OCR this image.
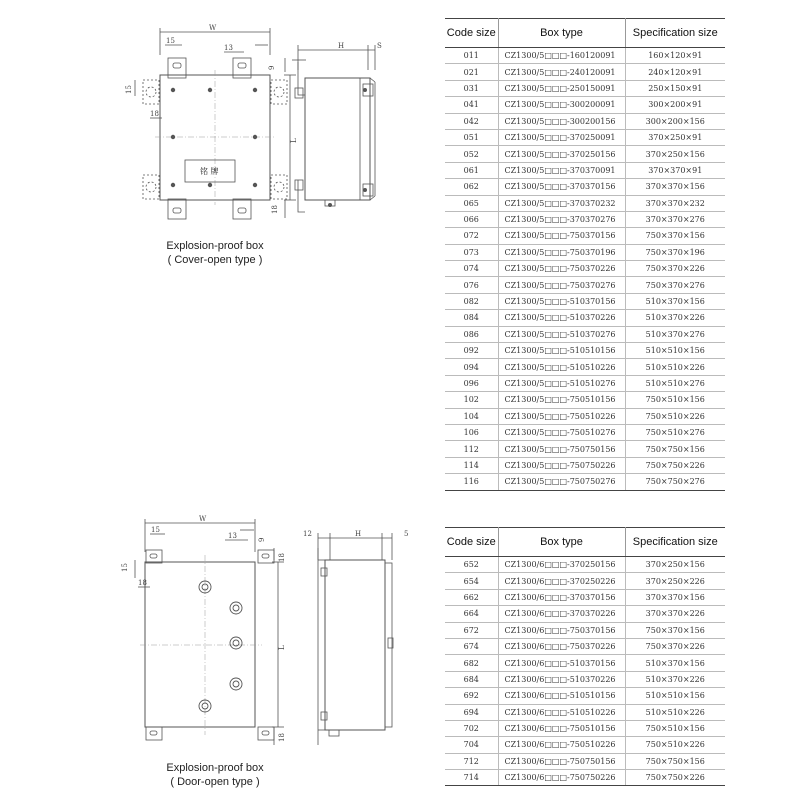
W
15
13
15
18
L
9
18
铭 牌
H	S
Explosion-proof box
( Cover-open type )
Code size	Box type	Specification size
011	CZ1300/5□□□-160120091	160×120×91
021	CZ1300/5□□□-240120091	240×120×91
031	CZ1300/5□□□-250150091	250×150×91
041	CZ1300/5□□□-300200091	300×200×91
042	CZ1300/5□□□-300200156	300×200×156
051	CZ1300/5□□□-370250091	370×250×91
052	CZ1300/5□□□-370250156	370×250×156
061	CZ1300/5□□□-370370091	370×370×91
062	CZ1300/5□□□-370370156	370×370×156
065	CZ1300/5□□□-370370232	370×370×232
066	CZ1300/5□□□-370370276	370×370×276
072	CZ1300/5□□□-750370156	750×370×156
073	CZ1300/5□□□-750370196	750×370×196
074	CZ1300/5□□□-750370226	750×370×226
076	CZ1300/5□□□-750370276	750×370×276
082	CZ1300/5□□□-510370156	510×370×156
084	CZ1300/5□□□-510370226	510×370×226
086	CZ1300/5□□□-510370276	510×370×276
092	CZ1300/5□□□-510510156	510×510×156
094	CZ1300/5□□□-510510226	510×510×226
096	CZ1300/5□□□-510510276	510×510×276
102	CZ1300/5□□□-750510156	750×510×156
104	CZ1300/5□□□-750510226	750×510×226
106	CZ1300/5□□□-750510276	750×510×276
112	CZ1300/5□□□-750750156	750×750×156
114	CZ1300/5□□□-750750226	750×750×226
116	CZ1300/5□□□-750750276	750×750×276
W
15
13
15
18
L
9
18
18
12	H	5
Explosion-proof box
( Door-open type )
Code size	Box type	Specification size
652	CZ1300/6□□□-370250156	370×250×156
654	CZ1300/6□□□-370250226	370×250×226
662	CZ1300/6□□□-370370156	370×370×156
664	CZ1300/6□□□-370370226	370×370×226
672	CZ1300/6□□□-750370156	750×370×156
674	CZ1300/6□□□-750370226	750×370×226
682	CZ1300/6□□□-510370156	510×370×156
684	CZ1300/6□□□-510370226	510×370×226
692	CZ1300/6□□□-510510156	510×510×156
694	CZ1300/6□□□-510510226	510×510×226
702	CZ1300/6□□□-750510156	750×510×156
704	CZ1300/6□□□-750510226	750×510×226
712	CZ1300/6□□□-750750156	750×750×156
714	CZ1300/6□□□-750750226	750×750×226
